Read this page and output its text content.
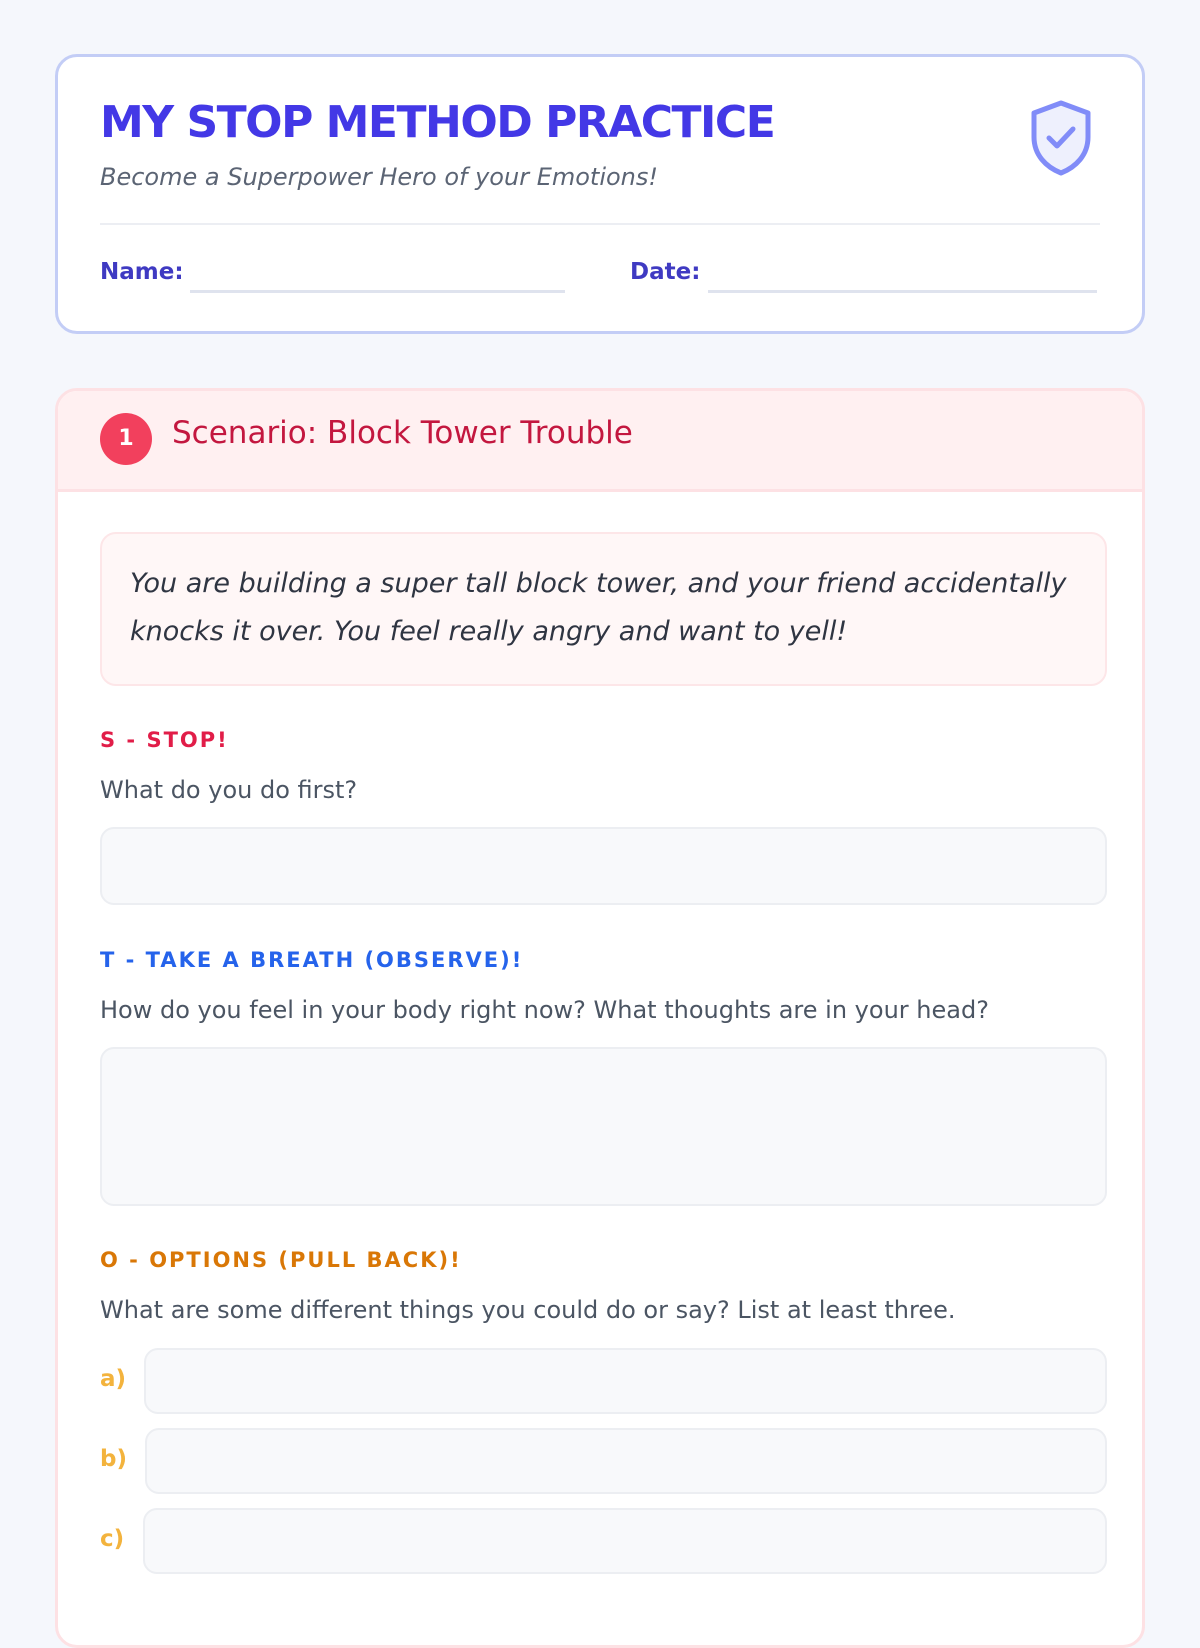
MY STOP METHOD PRACTICE

Become a Superpower Hero of your Emotions!

Name:	Date:
1	Scenario: Block Tower Trouble
You are building a super tall block tower, and your friend accidentally knocks it over. You feel really angry and want to yell!
S - STOP!

What do you do first?

T - TAKE A BREATH (OBSERVE)!

How do you feel in your body right now? What thoughts are in your head?

O - OPTIONS (PULL BACK)!

What are some different things you could do or say? List at least three.

a)
b)
c)
